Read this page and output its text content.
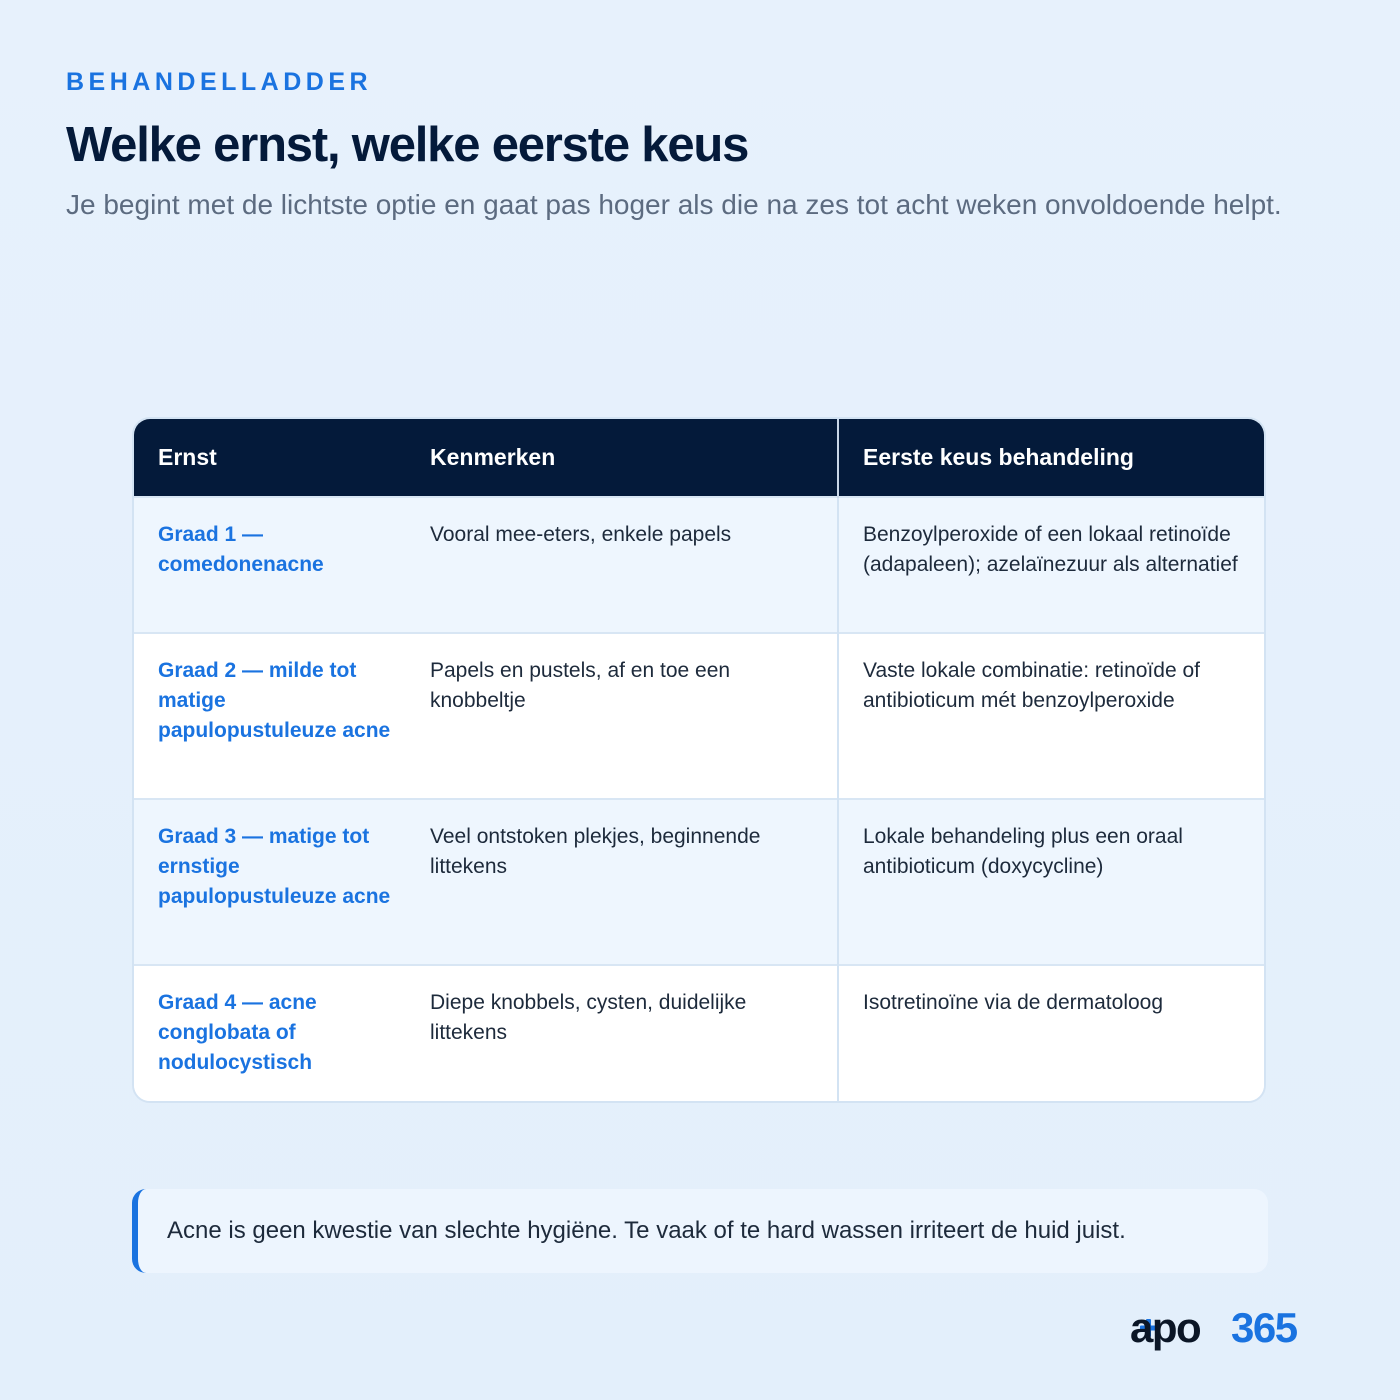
BEHANDELLADDER
Welke ernst, welke eerste keus

Je begint met de lichtste optie en gaat pas hoger als die na zes tot acht weken onvoldoende helpt.

Ernst	Kenmerken	Eerste keus behandeling
Graad 1 — comedonenacne	Vooral mee-eters, enkele papels	Benzoylperoxide of een lokaal retinoïde (adapaleen); azelaïnezuur als alternatief
Graad 2 — milde tot matige papulopustuleuze acne	Papels en pustels, af en toe een knobbeltje	Vaste lokale combinatie: retinoïde of antibioticum mét benzoylperoxide
Graad 3 — matige tot ernstige papulopustuleuze acne	Veel ontstoken plekjes, beginnende littekens	Lokale behandeling plus een oraal antibioticum (doxycycline)
Graad 4 — acne conglobata of nodulocystisch	Diepe knobbels, cysten, duidelijke littekens	Isotretinoïne via de dermatoloog
Acne is geen kwestie van slechte hygiëne. Te vaak of te hard wassen irriteert de huid juist.
apo 365
